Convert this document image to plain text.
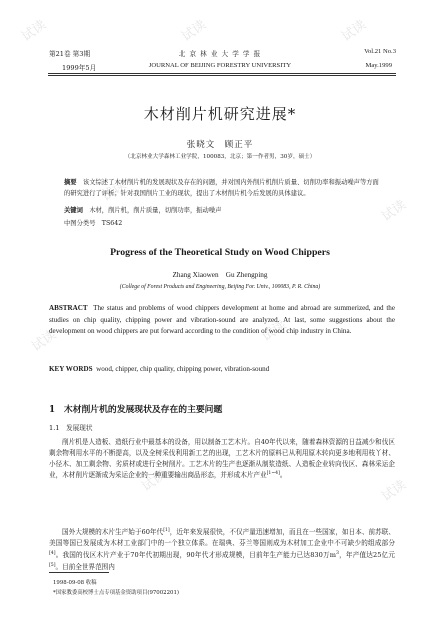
试读	试读	试读
试读
试读
试读	试读
试读	试读
第21卷 第3期	北 京 林 业 大 学 学 报	Vol.21 No.3
1999年5月	JOURNAL OF BEIJING FORESTRY UNIVERSITY	May.1999
木材削片机研究进展*
张晓文　顾正平
（北京林业大学森林工业学院，100083，北京；第一作者男，30岁，硕士）
摘要　 该文综述了木材削片机的发展现状及存在的问题，并对国内外削片机削片质量、切削功率和振动噪声等方面的研究进行了评析；针对我国削片工业的现状，提出了木材削片机今后发展的具体建议。
关键词　 木材，削片机，削片质量，切削功率，振动噪声
中图分类号　 TS642
Progress of the Theoretical Study on Wood Chippers
Zhang Xiaowen　Gu Zhengping
(College of Forest Products and Engineering, Beijing For. Univ., 100083, P. R. China)
ABSTRACT The status and problems of wood chippers development at home and abroad are summerized, and the studies on chip quality, chipping power and vibration-sound are analyzed. At last, some suggestions about the development on wood chippers are put forward according to the condition of wood chip industry in China.
KEY WORDS wood, chipper, chip quality, chipping power, vibration-sound
1　木材削片机的发展现状及存在的主要问题
1.1　发展现状
削片机是人造板、造纸行业中最基本的设备，用以制备工艺木片。自40年代以来，随着森林资源的日益减少和伐区剩余物利用水平的不断提高，以及全树采伐利用新工艺的出现，工艺木片的原料已从利用原木转向更多地利用枝丫材、小径木、加工剩余物、劣质材或进行全树削片。工艺木片的生产也逐渐从制浆造纸、人造板企业转向伐区、森林采运企业，木材削片逐渐成为采运企业的一种重要输出商品形态，并形成木片产业[1~4]。
国外大规模的木片生产始于60年代[1]，近年来发展很快，不仅产量迅速增加，而且在一些国家，如日本、前苏联、美国等国已发展成为木材工业部门中的一个独立体系。在瑞典、芬兰等国则成为木材加工企业中不可缺少的组成部分[4]。我国的伐区木片产业于70年代初期出现，90年代才形成规模，目前年生产能力已达830万$m^3$，年产值达25亿元[5]。目前全世界范围内
1998-09-08 收稿
*国家教委高校博士点专项基金资助项目(97002201)
